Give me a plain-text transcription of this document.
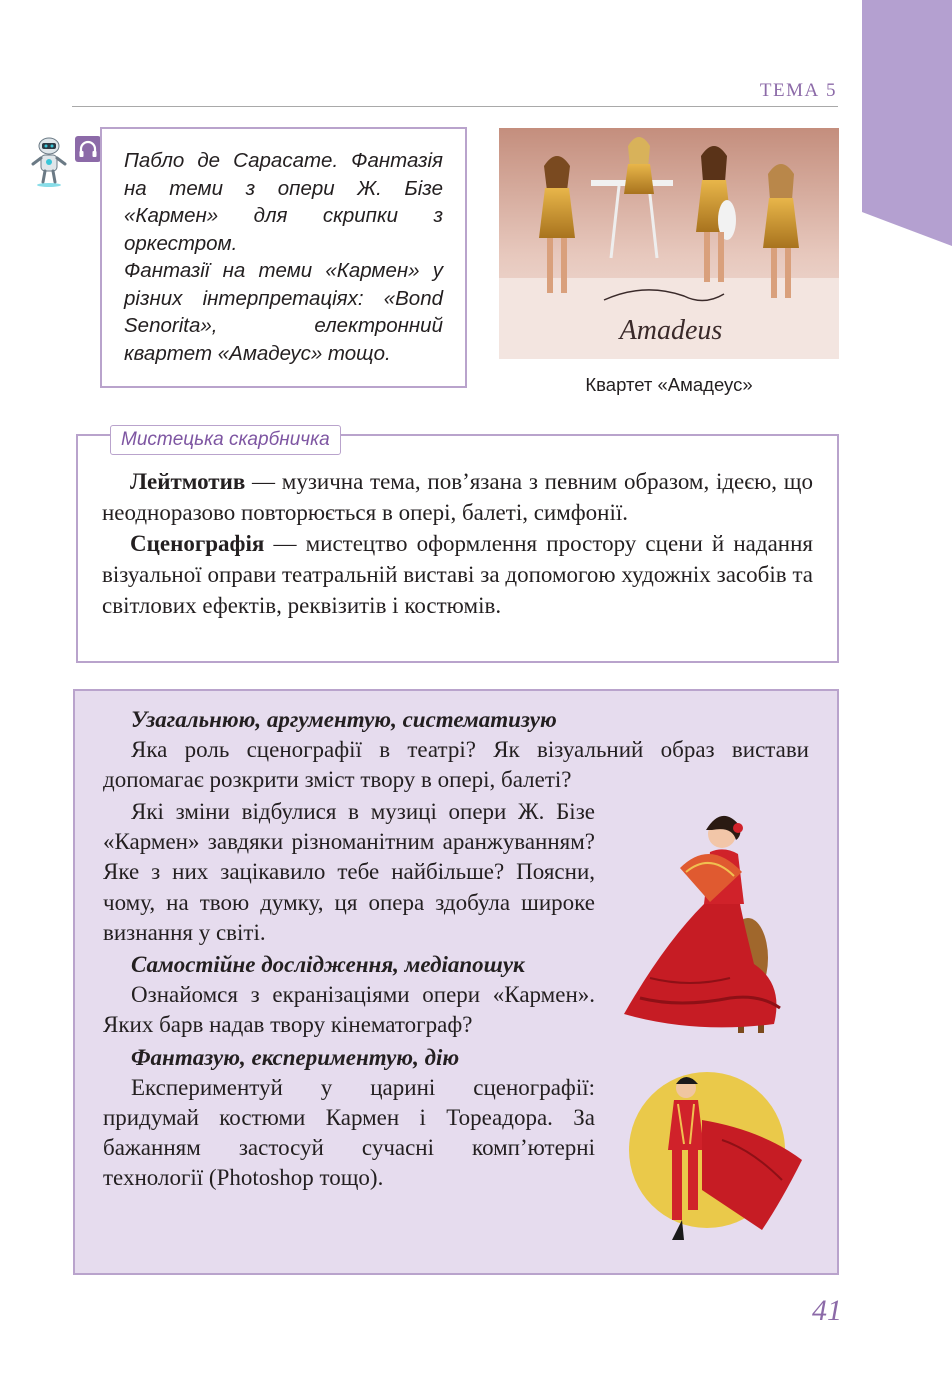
ТЕМА 5

Пабло де Сарасате. Фантазія на теми з опери Ж. Бізе «Кармен» для скрипки з оркестром.

Фантазії на теми «Кармен» у різних інтерпретаціях: «Bond Senorita», електронний квартет «Амадеус» тощо.

Amadeus
Квартет «Амадеус»

Лейтмотив — музична тема, пов’язана з певним образом, ідеєю, що неодноразово повторюється в опері, балеті, симфонії.

Сценографія — мистецтво оформлення простору сцени й надання візуальної оправи театральній виставі за допомогою художніх засобів та світлових ефектів, реквізитів і костюмів.

Мистецька скарбничка
Узагальнюю, аргументую, систематизую
Яка роль сценографії в театрі? Як візуальний образ вистави допомагає розкрити зміст твору в опері, балеті?
Які зміни відбулися в музиці опери Ж. Бізе «Кармен» завдяки різноманітним аранжуванням? Яке з них зацікавило тебе найбільше? Поясни, чому, на твою думку, ця опера здобула широке визнання у світі.
Самостійне дослідження, медіапошук
Ознайомся з екранізаціями опери «Кармен». Яких барв надав твору кінематограф?
Фантазую, експериментую, дію
Експериментуй у царині сценографії: придумай костюми Кармен і Тореадора. За бажанням застосуй сучасні комп’ютерні технології (Photoshop тощо).
41
